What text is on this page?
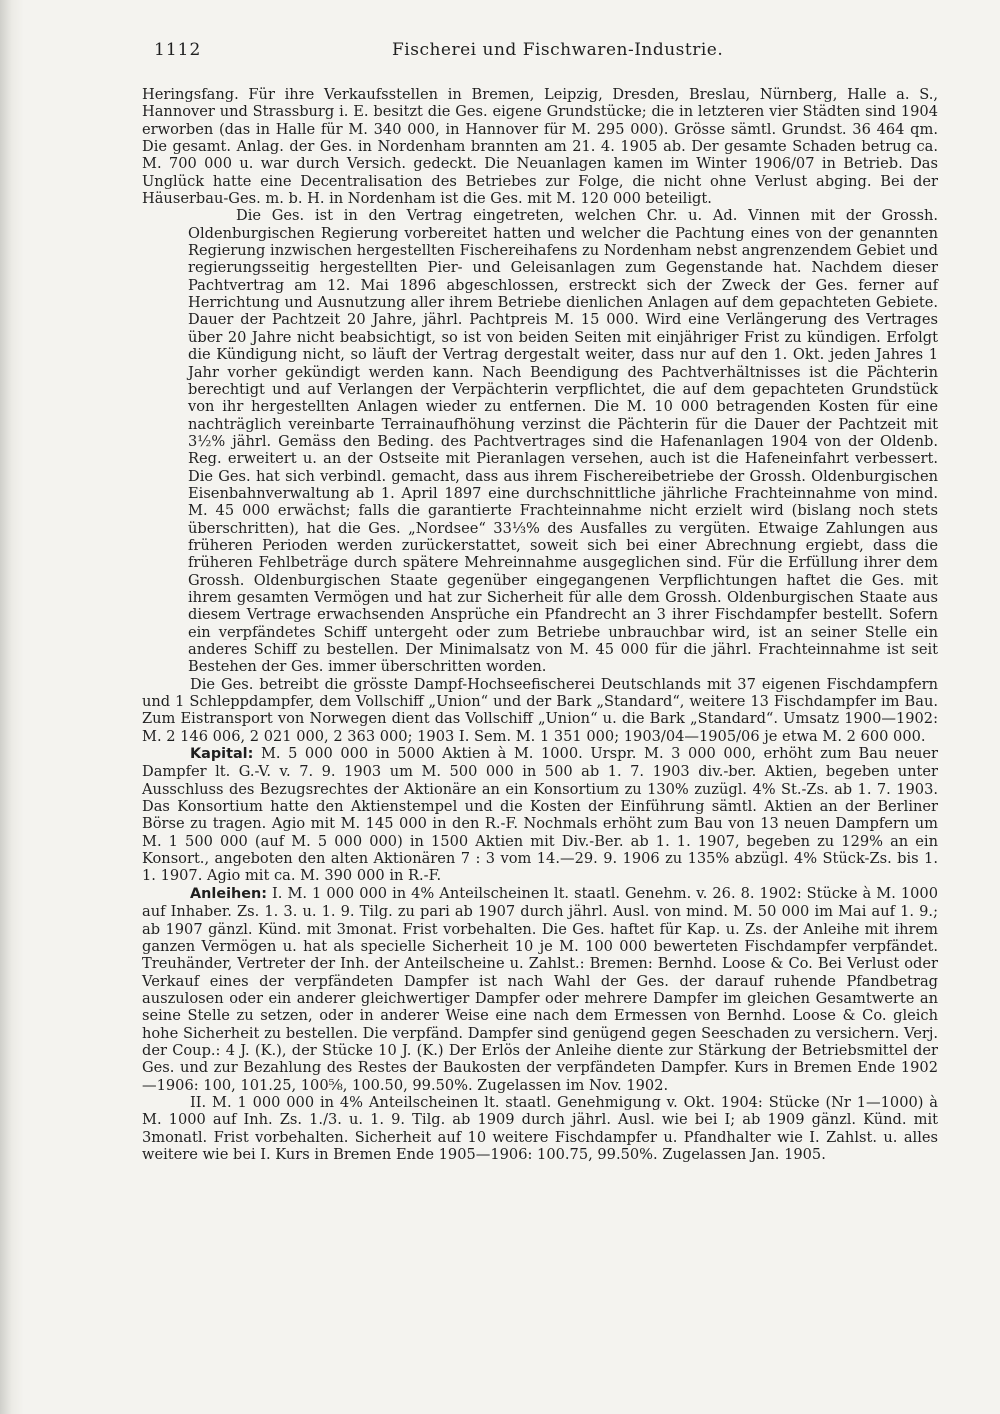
1112	Fischerei und Fischwaren-Industrie.

Heringsfang. Für ihre Verkaufsstellen in Bremen, Leipzig, Dresden, Breslau, Nürnberg, Halle a. S., Hannover und Strassburg i. E. besitzt die Ges. eigene Grundstücke; die in letzteren vier Städten sind 1904 erworben (das in Halle für M. 340 000, in Hannover für M. 295 000). Grösse sämtl. Grundst. 36 464 qm. Die gesamt. Anlag. der Ges. in Nordenham brannten am 21. 4. 1905 ab. Der gesamte Schaden betrug ca. M. 700 000 u. war durch Versich. gedeckt. Die Neuanlagen kamen im Winter 1906/07 in Betrieb. Das Unglück hatte eine Decentralisation des Betriebes zur Folge, die nicht ohne Verlust abging. Bei der Häuserbau-Ges. m. b. H. in Nordenham ist die Ges. mit M. 120 000 beteiligt.

Die Ges. ist in den Vertrag eingetreten, welchen Chr. u. Ad. Vinnen mit der Grossh. Oldenburgischen Regierung vorbereitet hatten und welcher die Pachtung eines von der genannten Regierung inzwischen hergestellten Fischereihafens zu Nordenham nebst angrenzendem Gebiet und regierungsseitig hergestellten Pier- und Geleisanlagen zum Gegenstande hat. Nachdem dieser Pachtvertrag am 12. Mai 1896 abgeschlossen, erstreckt sich der Zweck der Ges. ferner auf Herrichtung und Ausnutzung aller ihrem Betriebe dienlichen Anlagen auf dem gepachteten Gebiete. Dauer der Pachtzeit 20 Jahre, jährl. Pachtpreis M. 15 000. Wird eine Verlängerung des Vertrages über 20 Jahre nicht beabsichtigt, so ist von beiden Seiten mit einjähriger Frist zu kündigen. Erfolgt die Kündigung nicht, so läuft der Vertrag dergestalt weiter, dass nur auf den 1. Okt. jeden Jahres 1 Jahr vorher gekündigt werden kann. Nach Beendigung des Pachtverhältnisses ist die Pächterin berechtigt und auf Verlangen der Verpächterin verpflichtet, die auf dem gepachteten Grundstück von ihr hergestellten Anlagen wieder zu entfernen. Die M. 10 000 betragenden Kosten für eine nachträglich vereinbarte Terrainaufhöhung verzinst die Pächterin für die Dauer der Pachtzeit mit 3½% jährl. Gemäss den Beding. des Pachtvertrages sind die Hafenanlagen 1904 von der Oldenb. Reg. erweitert u. an der Ostseite mit Pieranlagen versehen, auch ist die Hafeneinfahrt verbessert. Die Ges. hat sich verbindl. gemacht, dass aus ihrem Fischereibetriebe der Grossh. Oldenburgischen Eisenbahnverwaltung ab 1. April 1897 eine durchschnittliche jährliche Frachteinnahme von mind. M. 45 000 erwächst; falls die garantierte Frachteinnahme nicht erzielt wird (bislang noch stets überschritten), hat die Ges. „Nordsee“ 33⅓% des Ausfalles zu vergüten. Etwaige Zahlungen aus früheren Perioden werden zurückerstattet, soweit sich bei einer Abrechnung ergiebt, dass die früheren Fehlbeträge durch spätere Mehreinnahme ausgeglichen sind. Für die Erfüllung ihrer dem Grossh. Oldenburgischen Staate gegenüber eingegangenen Verpflichtungen haftet die Ges. mit ihrem gesamten Vermögen und hat zur Sicherheit für alle dem Grossh. Oldenburgischen Staate aus diesem Vertrage erwachsenden Ansprüche ein Pfandrecht an 3 ihrer Fischdampfer bestellt. Sofern ein verpfändetes Schiff untergeht oder zum Betriebe unbrauchbar wird, ist an seiner Stelle ein anderes Schiff zu bestellen. Der Minimalsatz von M. 45 000 für die jährl. Frachteinnahme ist seit Bestehen der Ges. immer überschritten worden.

Die Ges. betreibt die grösste Dampf-Hochseefischerei Deutschlands mit 37 eigenen Fischdampfern und 1 Schleppdampfer, dem Vollschiff „Union“ und der Bark „Standard“, weitere 13 Fischdampfer im Bau. Zum Eistransport von Norwegen dient das Vollschiff „Union“ u. die Bark „Standard“. Umsatz 1900—1902: M. 2 146 006, 2 021 000, 2 363 000; 1903 I. Sem. M. 1 351 000; 1903/04—1905/06 je etwa M. 2 600 000.

Kapital: M. 5 000 000 in 5000 Aktien à M. 1000. Urspr. M. 3 000 000, erhöht zum Bau neuer Dampfer lt. G.-V. v. 7. 9. 1903 um M. 500 000 in 500 ab 1. 7. 1903 div.-ber. Aktien, begeben unter Ausschluss des Bezugsrechtes der Aktionäre an ein Konsortium zu 130% zuzügl. 4% St.-Zs. ab 1. 7. 1903. Das Konsortium hatte den Aktienstempel und die Kosten der Einführung sämtl. Aktien an der Berliner Börse zu tragen. Agio mit M. 145 000 in den R.-F. Nochmals erhöht zum Bau von 13 neuen Dampfern um M. 1 500 000 (auf M. 5 000 000) in 1500 Aktien mit Div.-Ber. ab 1. 1. 1907, begeben zu 129% an ein Konsort., angeboten den alten Aktionären 7 : 3 vom 14.—29. 9. 1906 zu 135% abzügl. 4% Stück-Zs. bis 1. 1. 1907. Agio mit ca. M. 390 000 in R.-F.

Anleihen: I. M. 1 000 000 in 4% Anteilscheinen lt. staatl. Genehm. v. 26. 8. 1902: Stücke à M. 1000 auf Inhaber. Zs. 1. 3. u. 1. 9. Tilg. zu pari ab 1907 durch jährl. Ausl. von mind. M. 50 000 im Mai auf 1. 9.; ab 1907 gänzl. Künd. mit 3monat. Frist vorbehalten. Die Ges. haftet für Kap. u. Zs. der Anleihe mit ihrem ganzen Vermögen u. hat als specielle Sicherheit 10 je M. 100 000 bewerteten Fischdampfer verpfändet. Treuhänder, Vertreter der Inh. der Anteilscheine u. Zahlst.: Bremen: Bernhd. Loose & Co. Bei Verlust oder Verkauf eines der verpfändeten Dampfer ist nach Wahl der Ges. der darauf ruhende Pfandbetrag auszulosen oder ein anderer gleichwertiger Dampfer oder mehrere Dampfer im gleichen Gesamtwerte an seine Stelle zu setzen, oder in anderer Weise eine nach dem Ermessen von Bernhd. Loose & Co. gleich hohe Sicherheit zu bestellen. Die verpfänd. Dampfer sind genügend gegen Seeschaden zu versichern. Verj. der Coup.: 4 J. (K.), der Stücke 10 J. (K.) Der Erlös der Anleihe diente zur Stärkung der Betriebsmittel der Ges. und zur Bezahlung des Restes der Baukosten der verpfändeten Dampfer. Kurs in Bremen Ende 1902—1906: 100, 101.25, 100⅝, 100.50, 99.50%. Zugelassen im Nov. 1902.

II. M. 1 000 000 in 4% Anteilscheinen lt. staatl. Genehmigung v. Okt. 1904: Stücke (Nr 1—1000) à M. 1000 auf Inh. Zs. 1./3. u. 1. 9. Tilg. ab 1909 durch jährl. Ausl. wie bei I; ab 1909 gänzl. Künd. mit 3monatl. Frist vorbehalten. Sicherheit auf 10 weitere Fischdampfer u. Pfandhalter wie I. Zahlst. u. alles weitere wie bei I. Kurs in Bremen Ende 1905—1906: 100.75, 99.50%. Zugelassen Jan. 1905.
